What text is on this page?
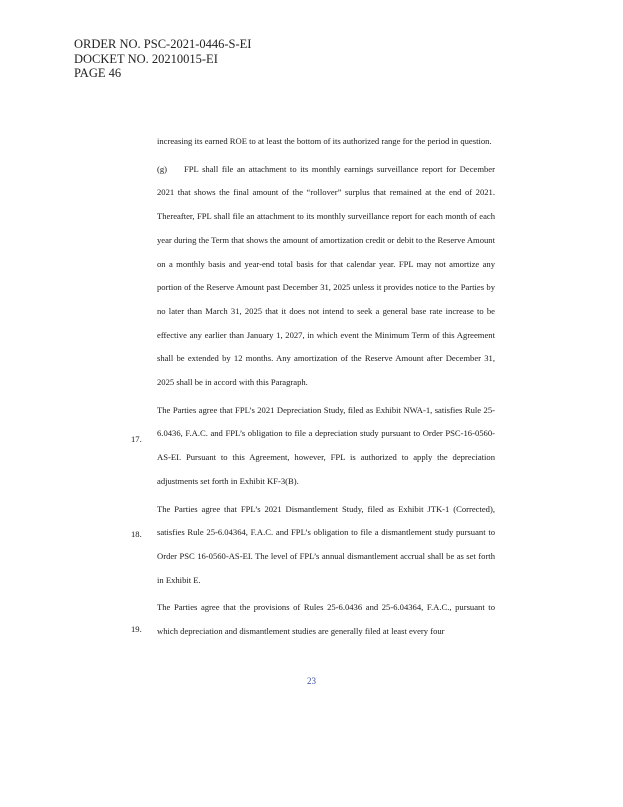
ORDER NO. PSC-2021-0446-S-EI
DOCKET NO. 20210015-EI
PAGE 46

increasing its earned ROE to at least the bottom of its authorized range for the period in question.

(g) FPL shall file an attachment to its monthly earnings surveillance report for December 2021 that shows the final amount of the “rollover” surplus that remained at the end of 2021. Thereafter, FPL shall file an attachment to its monthly surveillance report for each month of each year during the Term that shows the amount of amortization credit or debit to the Reserve Amount on a monthly basis and year-end total basis for that calendar year. FPL may not amortize any portion of the Reserve Amount past December 31, 2025 unless it provides notice to the Parties by no later than March 31, 2025 that it does not intend to seek a general base rate increase to be effective any earlier than January 1, 2027, in which event the Minimum Term of this Agreement shall be extended by 12 months. Any amortization of the Reserve Amount after December 31, 2025 shall be in accord with this Paragraph.

The Parties agree that FPL’s 2021 Depreciation Study, filed as Exhibit NWA-1, satisfies Rule 25-6.0436, F.A.C. and FPL’s obligation to file a depreciation study pursuant to Order PSC-16-0560-AS-EI. Pursuant to this Agreement, however, FPL is authorized to apply the depreciation adjustments set forth in Exhibit KF-3(B).

The Parties agree that FPL’s 2021 Dismantlement Study, filed as Exhibit JTK-1 (Corrected), satisfies Rule 25-6.04364, F.A.C. and FPL’s obligation to file a dismantlement study pursuant to Order PSC 16-0560-AS-EI. The level of FPL’s annual dismantlement accrual shall be as set forth in Exhibit E.

The Parties agree that the provisions of Rules 25-6.0436 and 25-6.04364, F.A.C., pursuant to which depreciation and dismantlement studies are generally filed at least every four

17.
18.
19.
23
